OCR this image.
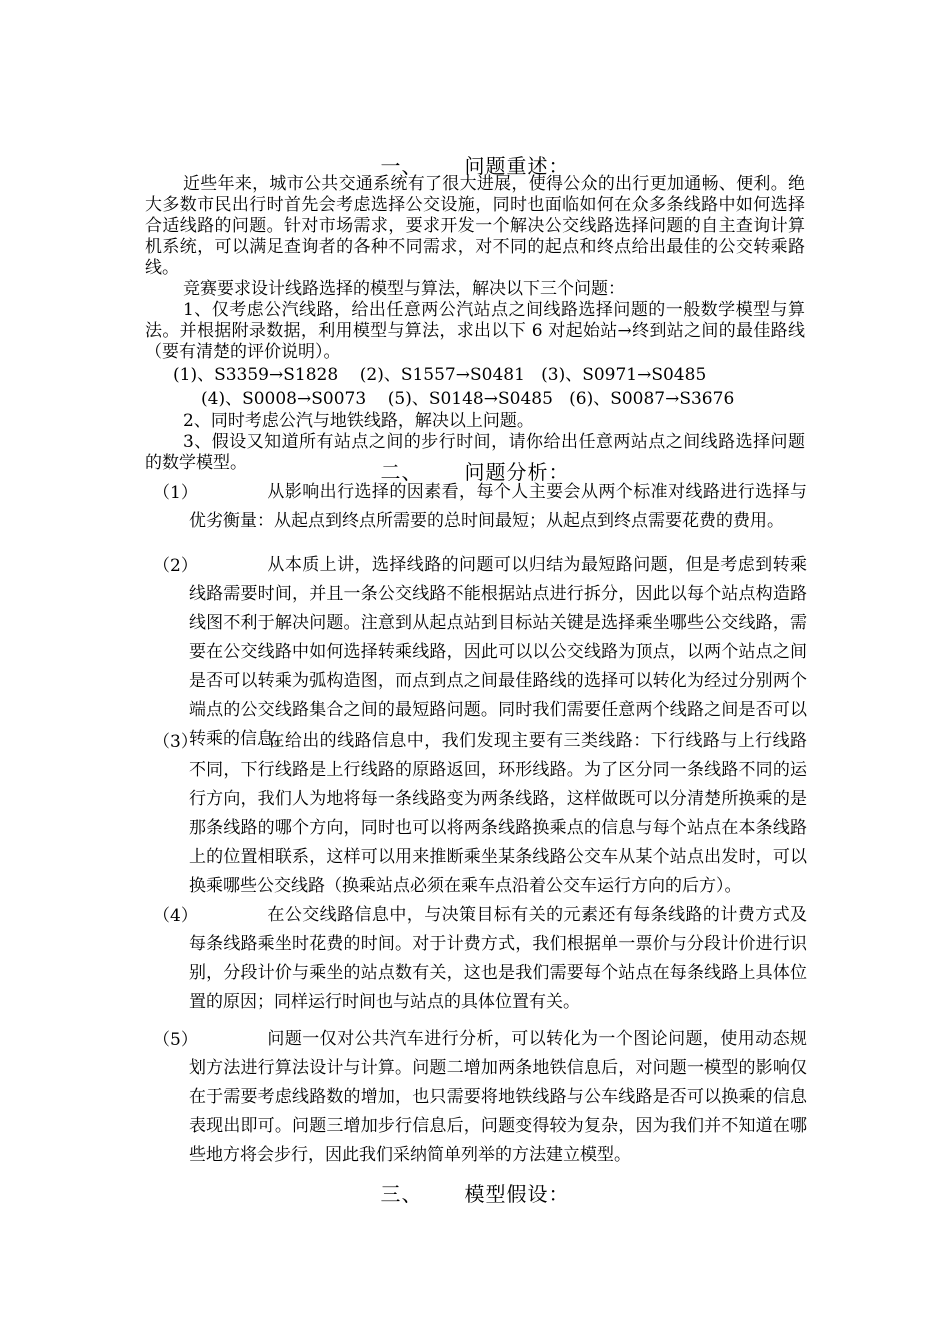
一、 问题重述：

近些年来，城市公共交通系统有了很大进展，使得公众的出行更加通畅、便利。绝大多数市民出行时首先会考虑选择公交设施，同时也面临如何在众多条线路中如何选择合适线路的问题。针对市场需求，要求开发一个解决公交线路选择问题的自主查询计算机系统，可以满足查询者的各种不同需求，对不同的起点和终点给出最佳的公交转乘路线。

竞赛要求设计线路选择的模型与算法，解决以下三个问题：

1、仅考虑公汽线路，给出任意两公汽站点之间线路选择问题的一般数学模型与算法。并根据附录数据，利用模型与算法，求出以下 6 对起始站→终到站之间的最佳路线（要有清楚的评价说明）。

(1)、S3359→S1828    (2)、S1557→S0481   (3)、S0971→S0485

(4)、S0008→S0073    (5)、S0148→S0485   (6)、S0087→S3676

2、同时考虑公汽与地铁线路，解决以上问题。

3、假设又知道所有站点之间的步行时间，请你给出任意两站点之间线路选择问题的数学模型。	二、 问题分析：
（1）	从影响出行选择的因素看，每个人主要会从两个标准对线路进行选择与优劣衡量：从起点到终点所需要的总时间最短；从起点到终点需要花费的费用。

（2）	从本质上讲，选择线路的问题可以归结为最短路问题，但是考虑到转乘线路需要时间，并且一条公交线路不能根据站点进行拆分，因此以每个站点构造路线图不利于解决问题。注意到从起点站到目标站关键是选择乘坐哪些公交线路，需要在公交线路中如何选择转乘线路，因此可以以公交线路为顶点，以两个站点之间是否可以转乘为弧构造图，而点到点之间最佳路线的选择可以转化为经过分别两个端点的公交线路集合之间的最短路问题。同时我们需要任意两个线路之间是否可以转乘的信息。

（3）	在给出的线路信息中，我们发现主要有三类线路：下行线路与上行线路不同，下行线路是上行线路的原路返回，环形线路。为了区分同一条线路不同的运行方向，我们人为地将每一条线路变为两条线路，这样做既可以分清楚所换乘的是那条线路的哪个方向，同时也可以将两条线路换乘点的信息与每个站点在本条线路上的位置相联系，这样可以用来推断乘坐某条线路公交车从某个站点出发时，可以换乘哪些公交线路（换乘站点必须在乘车点沿着公交车运行方向的后方）。

（4）	在公交线路信息中，与决策目标有关的元素还有每条线路的计费方式及每条线路乘坐时花费的时间。对于计费方式，我们根据单一票价与分段计价进行识别，分段计价与乘坐的站点数有关，这也是我们需要每个站点在每条线路上具体位置的原因；同样运行时间也与站点的具体位置有关。

（5）	问题一仅对公共汽车进行分析，可以转化为一个图论问题，使用动态规划方法进行算法设计与计算。问题二增加两条地铁信息后，对问题一模型的影响仅在于需要考虑线路数的增加，也只需要将地铁线路与公车线路是否可以换乘的信息表现出即可。问题三增加步行信息后，问题变得较为复杂，因为我们并不知道在哪些地方将会步行，因此我们采纳简单列举的方法建立模型。

三、 模型假设：
